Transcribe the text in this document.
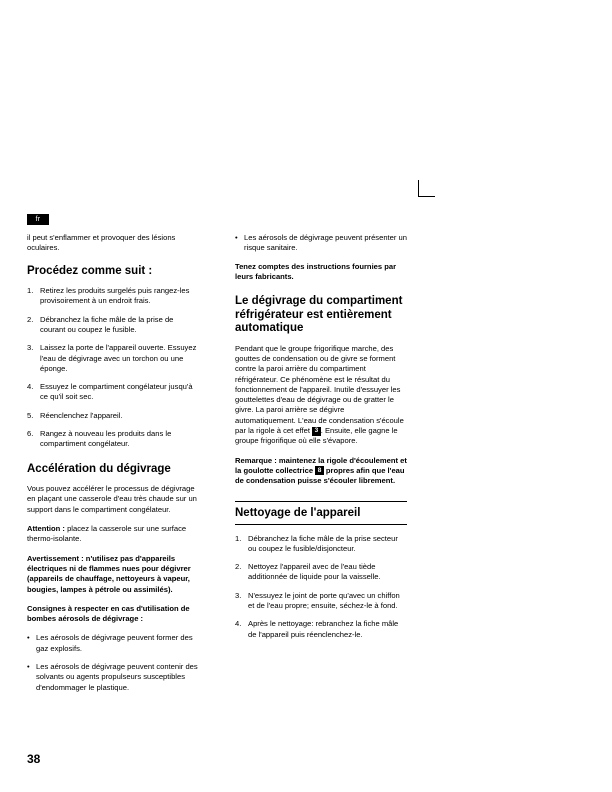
fr

il peut s'enflammer et provoquer des lésions oculaires.

Procédez comme suit :
1. Retirez les produits surgelés puis rangez-les provisoirement à un endroit frais.
2. Débranchez la fiche mâle de la prise de courant ou coupez le fusible.
3. Laissez la porte de l'appareil ouverte. Essuyez l'eau de dégivrage avec un torchon ou une éponge.
4. Essuyez le compartiment congélateur jusqu'à ce qu'il soit sec.
5. Réenclenchez l'appareil.
6. Rangez à nouveau les produits dans le compartiment congélateur.
Accélération du dégivrage

Vous pouvez accélérer le processus de dégivrage en plaçant une casserole d'eau très chaude sur un support dans le compartiment congélateur.

Attention : placez la casserole sur une surface thermo-isolante.

Avertissement : n'utilisez pas d'appareils électriques ni de flammes nues pour dégivrer (appareils de chauffage, nettoyeurs à vapeur, bougies, lampes à pétrole ou assimilés).

Consignes à respecter en cas d'utilisation de bombes aérosols de dégivrage :

• Les aérosols de dégivrage peuvent former des gaz explosifs.
• Les aérosols de dégivrage peuvent contenir des solvants ou agents propulseurs susceptibles d'endommager le plastique.
• Les aérosols de dégivrage peuvent présenter un risque sanitaire.

Tenez comptes des instructions fournies par leurs fabricants.

Le dégivrage du compartiment réfrigérateur est entièrement automatique

Pendant que le groupe frigorifique marche, des gouttes de condensation ou de givre se forment contre la paroi arrière du compartiment réfrigérateur. Ce phénomène est le résultat du fonctionnement de l'appareil. Inutile d'essuyer les gouttelettes d'eau de dégivrage ou de gratter le givre. La paroi arrière se dégivre automatiquement. L'eau de condensation s'écoule par la rigole à cet effet 3 . Ensuite, elle gagne le groupe frigorifique où elle s'évapore.

Remarque : maintenez la rigole d'écoulement et la goulotte collectrice 8 propres afin que l'eau de condensation puisse s'écouler librement.

Nettoyage de l'appareil
1. Débranchez la fiche mâle de la prise secteur ou coupez le fusible/disjoncteur.
2. Nettoyez l'appareil avec de l'eau tiède additionnée de liquide pour la vaisselle.
3. N'essuyez le joint de porte qu'avec un chiffon et de l'eau propre; ensuite, séchez-le à fond.
4. Après le nettoyage: rebranchez la fiche mâle de l'appareil puis réenclenchez-le.
38
